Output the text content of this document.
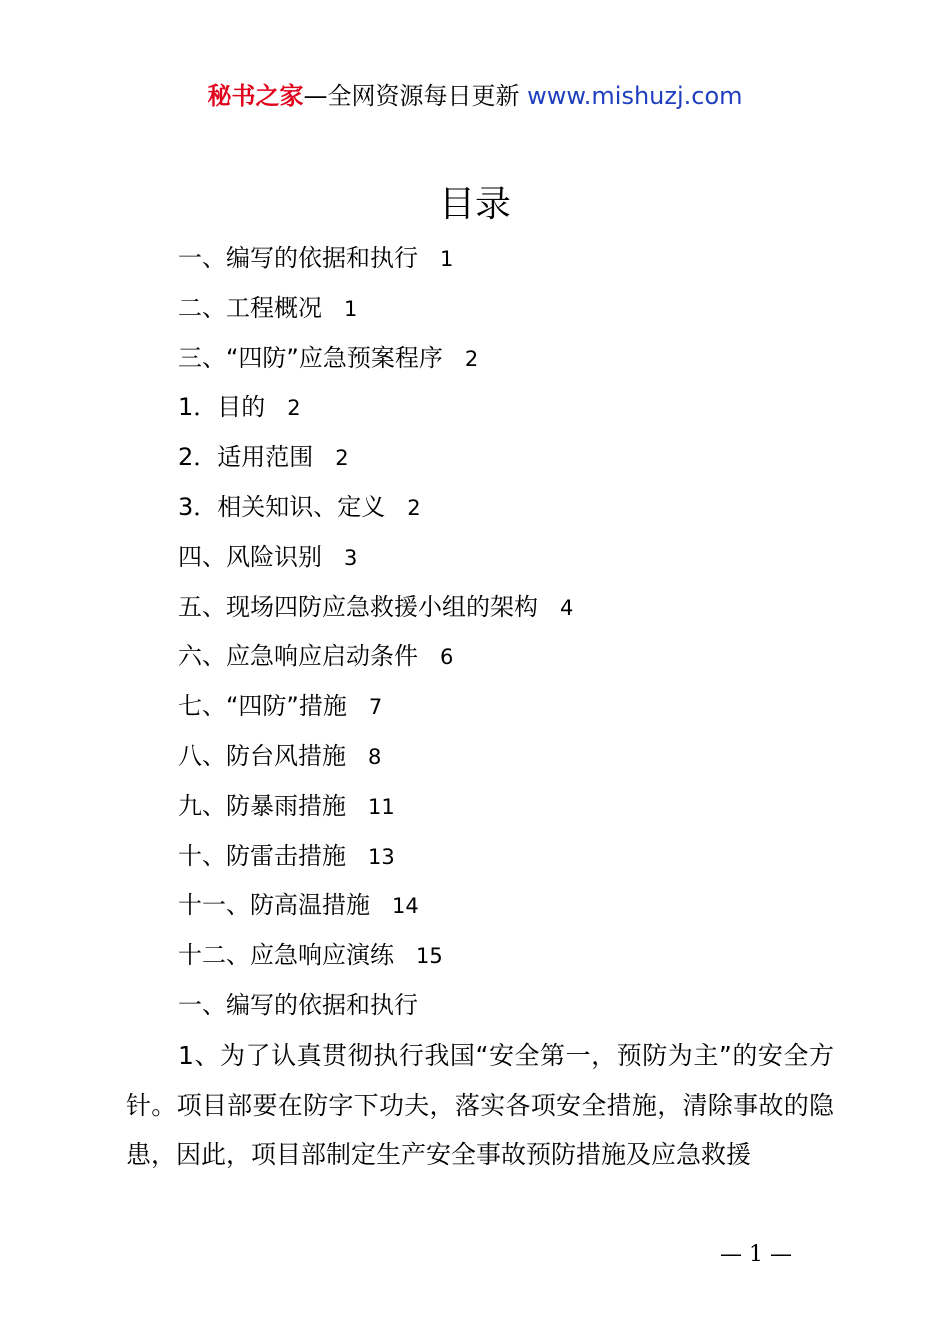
秘书之家—全网资源每日更新 www.mishuzj.com
目录
一、编写的依据和执行 1
二、工程概况 1
三、“四防”应急预案程序 2
1．目的 2
2．适用范围 2
3．相关知识、定义 2
四、风险识别 3
五、现场四防应急救援小组的架构 4
六、应急响应启动条件 6
七、“四防”措施 7
八、防台风措施 8
九、防暴雨措施 11
十、防雷击措施 13
十一、防高温措施 14
十二、应急响应演练 15
一、编写的依据和执行

1、为了认真贯彻执行我国“安全第一，预防为主”的安全方针。项目部要在防字下功夫，落实各项安全措施，清除事故的隐患，因此，项目部制定生产安全事故预防措施及应急救援

— 1 —
